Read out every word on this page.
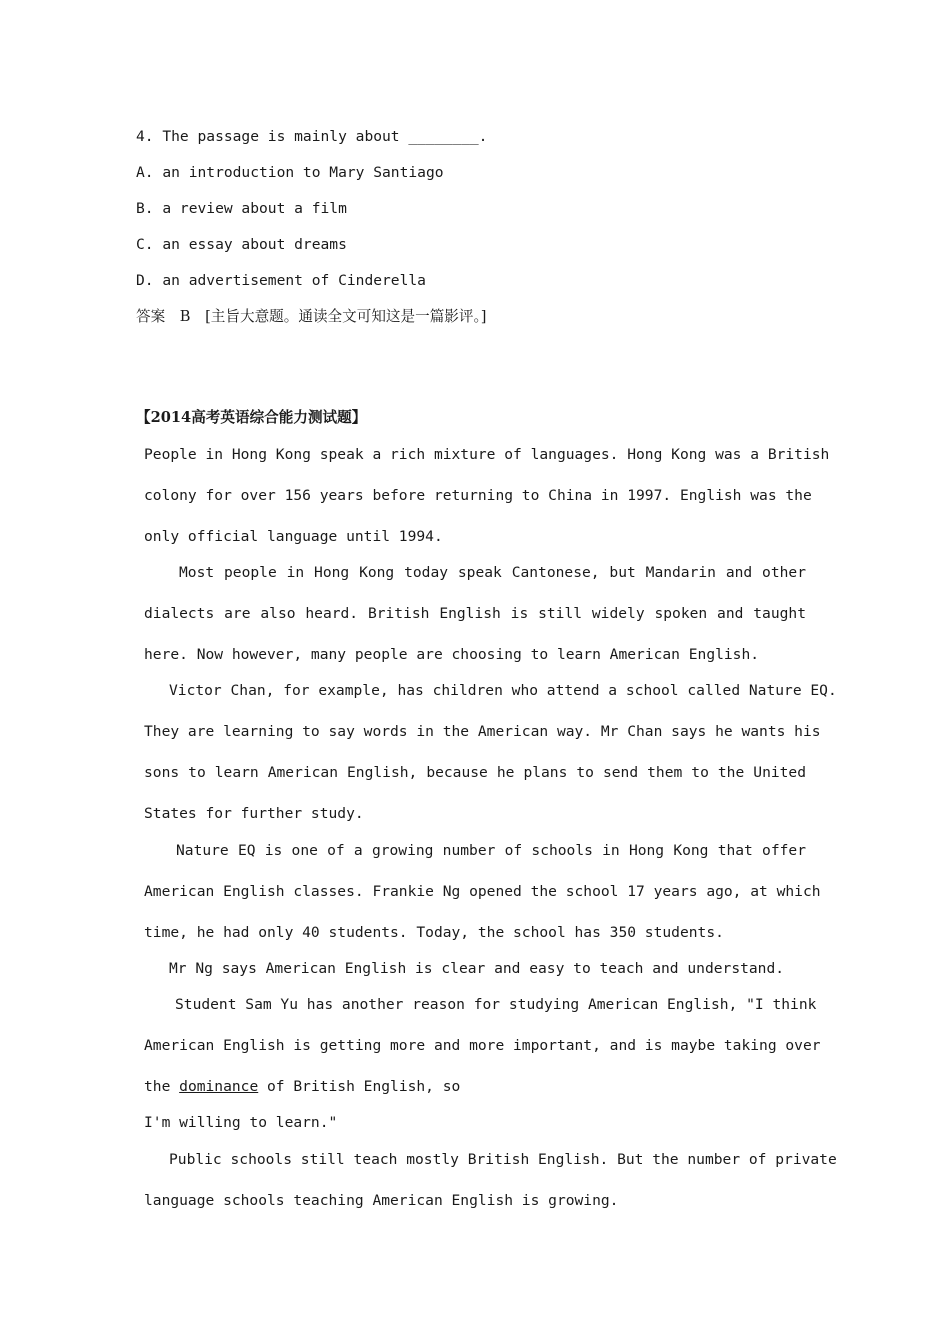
4. The passage is mainly about ________.
A. an introduction to Mary Santiago
B. a review about a film
C. an essay about dreams
D. an advertisement of Cinderella
答案　B　[主旨大意题。通读全文可知这是一篇影评。]
【2014高考英语综合能力测试题】
People in Hong Kong speak a rich mixture of languages. Hong Kong was a British
colony for over 156 years before returning to China in 1997. English was the
only official language until 1994.
Most people in Hong Kong today speak Cantonese, but Mandarin and other
dialects are also heard. British English is still widely spoken and taught
here. Now however, many people are choosing to learn American English.
Victor Chan, for example, has children who attend a school called Nature EQ.
They are learning to say words in the American way. Mr Chan says he wants his
sons to learn American English, because he plans to send them to the United
States for further study.
Nature EQ is one of a growing number of schools in Hong Kong that offer
American English classes. Frankie Ng opened the school 17 years ago, at which
time, he had only 40 students. Today, the school has 350 students.
Mr Ng says American English is clear and easy to teach and understand.
Student Sam Yu has another reason for studying American English, "I think
American English is getting more and more important, and is maybe taking over
the dominance of British English, so
I'm willing to learn."
Public schools still teach mostly British English. But the number of private
language schools teaching American English is growing.
